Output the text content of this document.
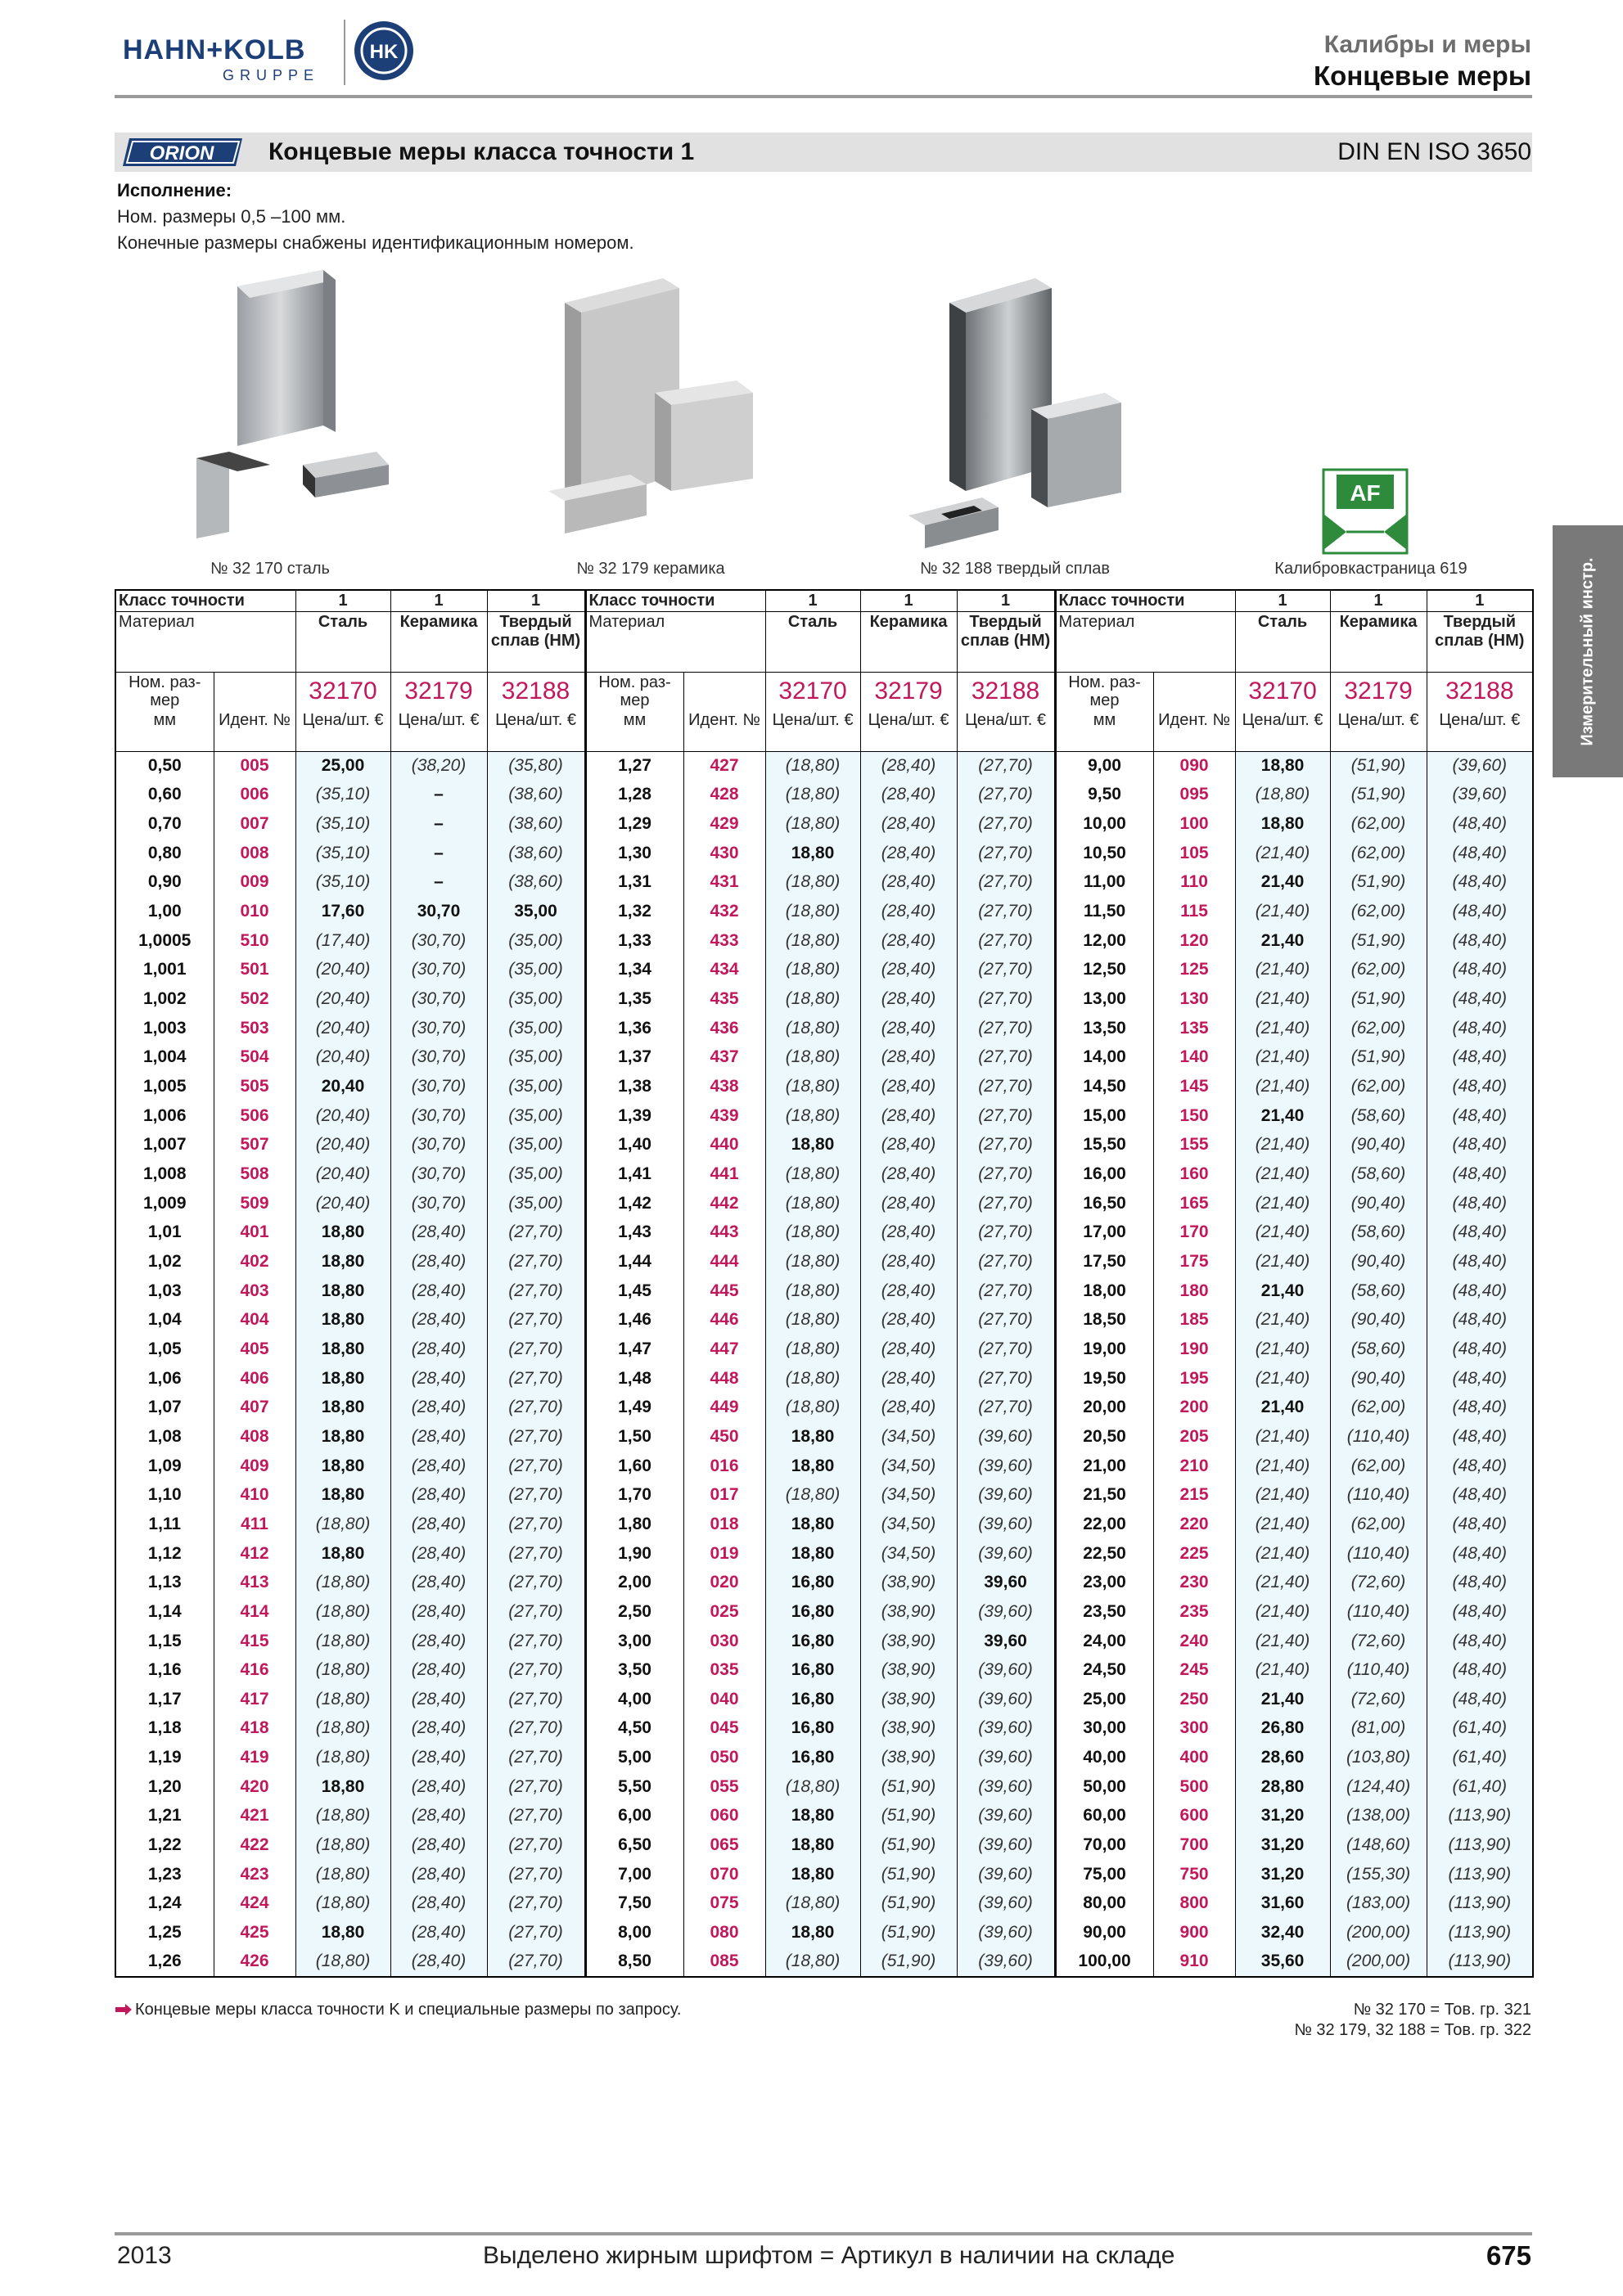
HAHN+KOLB
GRUPPE
HK	Калибры и меры
Концевые меры
ORION Концевые меры класса точности 1	DIN EN ISO 3650
Исполнение:
Ном. размеры 0,5 –100 мм.
Конечные размеры снабжены идентификационным номером.
AF
№ 32 170 сталь	№ 32 179 керамика	№ 32 188 твердый сплав	Калибровкастраница 619	Измерительный инстр.
Класс точности		1	1	1	Класс точности		1	1	1	Класс точности		1	1	1
Материал		Сталь	Керамика	Твердый сплав (HM)	Материал		Сталь	Керамика	Твердый сплав (HM)	Материал		Сталь	Керамика	Твердый сплав (HM)
Ном. раз- мер		32170	32179	32188	Ном. раз- мер		32170	32179	32188	Ном. раз- мер		32170	32179	32188
мм	Идент. №	Цена/шт. €	Цена/шт. €	Цена/шт. €	мм	Идент. №	Цена/шт. €	Цена/шт. €	Цена/шт. €	мм	Идент. №	Цена/шт. €	Цена/шт. €	Цена/шт. €
0,50	005	25,00	(38,20)	(35,80)	1,27	427	(18,80)	(28,40)	(27,70)	9,00	090	18,80	(51,90)	(39,60)
0,60	006	(35,10)	–	(38,60)	1,28	428	(18,80)	(28,40)	(27,70)	9,50	095	(18,80)	(51,90)	(39,60)
0,70	007	(35,10)	–	(38,60)	1,29	429	(18,80)	(28,40)	(27,70)	10,00	100	18,80	(62,00)	(48,40)
0,80	008	(35,10)	–	(38,60)	1,30	430	18,80	(28,40)	(27,70)	10,50	105	(21,40)	(62,00)	(48,40)
0,90	009	(35,10)	–	(38,60)	1,31	431	(18,80)	(28,40)	(27,70)	11,00	110	21,40	(51,90)	(48,40)
1,00	010	17,60	30,70	35,00	1,32	432	(18,80)	(28,40)	(27,70)	11,50	115	(21,40)	(62,00)	(48,40)
1,0005	510	(17,40)	(30,70)	(35,00)	1,33	433	(18,80)	(28,40)	(27,70)	12,00	120	21,40	(51,90)	(48,40)
1,001	501	(20,40)	(30,70)	(35,00)	1,34	434	(18,80)	(28,40)	(27,70)	12,50	125	(21,40)	(62,00)	(48,40)
1,002	502	(20,40)	(30,70)	(35,00)	1,35	435	(18,80)	(28,40)	(27,70)	13,00	130	(21,40)	(51,90)	(48,40)
1,003	503	(20,40)	(30,70)	(35,00)	1,36	436	(18,80)	(28,40)	(27,70)	13,50	135	(21,40)	(62,00)	(48,40)
1,004	504	(20,40)	(30,70)	(35,00)	1,37	437	(18,80)	(28,40)	(27,70)	14,00	140	(21,40)	(51,90)	(48,40)
1,005	505	20,40	(30,70)	(35,00)	1,38	438	(18,80)	(28,40)	(27,70)	14,50	145	(21,40)	(62,00)	(48,40)
1,006	506	(20,40)	(30,70)	(35,00)	1,39	439	(18,80)	(28,40)	(27,70)	15,00	150	21,40	(58,60)	(48,40)
1,007	507	(20,40)	(30,70)	(35,00)	1,40	440	18,80	(28,40)	(27,70)	15,50	155	(21,40)	(90,40)	(48,40)
1,008	508	(20,40)	(30,70)	(35,00)	1,41	441	(18,80)	(28,40)	(27,70)	16,00	160	(21,40)	(58,60)	(48,40)
1,009	509	(20,40)	(30,70)	(35,00)	1,42	442	(18,80)	(28,40)	(27,70)	16,50	165	(21,40)	(90,40)	(48,40)
1,01	401	18,80	(28,40)	(27,70)	1,43	443	(18,80)	(28,40)	(27,70)	17,00	170	(21,40)	(58,60)	(48,40)
1,02	402	18,80	(28,40)	(27,70)	1,44	444	(18,80)	(28,40)	(27,70)	17,50	175	(21,40)	(90,40)	(48,40)
1,03	403	18,80	(28,40)	(27,70)	1,45	445	(18,80)	(28,40)	(27,70)	18,00	180	21,40	(58,60)	(48,40)
1,04	404	18,80	(28,40)	(27,70)	1,46	446	(18,80)	(28,40)	(27,70)	18,50	185	(21,40)	(90,40)	(48,40)
1,05	405	18,80	(28,40)	(27,70)	1,47	447	(18,80)	(28,40)	(27,70)	19,00	190	(21,40)	(58,60)	(48,40)
1,06	406	18,80	(28,40)	(27,70)	1,48	448	(18,80)	(28,40)	(27,70)	19,50	195	(21,40)	(90,40)	(48,40)
1,07	407	18,80	(28,40)	(27,70)	1,49	449	(18,80)	(28,40)	(27,70)	20,00	200	21,40	(62,00)	(48,40)
1,08	408	18,80	(28,40)	(27,70)	1,50	450	18,80	(34,50)	(39,60)	20,50	205	(21,40)	(110,40)	(48,40)
1,09	409	18,80	(28,40)	(27,70)	1,60	016	18,80	(34,50)	(39,60)	21,00	210	(21,40)	(62,00)	(48,40)
1,10	410	18,80	(28,40)	(27,70)	1,70	017	(18,80)	(34,50)	(39,60)	21,50	215	(21,40)	(110,40)	(48,40)
1,11	411	(18,80)	(28,40)	(27,70)	1,80	018	18,80	(34,50)	(39,60)	22,00	220	(21,40)	(62,00)	(48,40)
1,12	412	18,80	(28,40)	(27,70)	1,90	019	18,80	(34,50)	(39,60)	22,50	225	(21,40)	(110,40)	(48,40)
1,13	413	(18,80)	(28,40)	(27,70)	2,00	020	16,80	(38,90)	39,60	23,00	230	(21,40)	(72,60)	(48,40)
1,14	414	(18,80)	(28,40)	(27,70)	2,50	025	16,80	(38,90)	(39,60)	23,50	235	(21,40)	(110,40)	(48,40)
1,15	415	(18,80)	(28,40)	(27,70)	3,00	030	16,80	(38,90)	39,60	24,00	240	(21,40)	(72,60)	(48,40)
1,16	416	(18,80)	(28,40)	(27,70)	3,50	035	16,80	(38,90)	(39,60)	24,50	245	(21,40)	(110,40)	(48,40)
1,17	417	(18,80)	(28,40)	(27,70)	4,00	040	16,80	(38,90)	(39,60)	25,00	250	21,40	(72,60)	(48,40)
1,18	418	(18,80)	(28,40)	(27,70)	4,50	045	16,80	(38,90)	(39,60)	30,00	300	26,80	(81,00)	(61,40)
1,19	419	(18,80)	(28,40)	(27,70)	5,00	050	16,80	(38,90)	(39,60)	40,00	400	28,60	(103,80)	(61,40)
1,20	420	18,80	(28,40)	(27,70)	5,50	055	(18,80)	(51,90)	(39,60)	50,00	500	28,80	(124,40)	(61,40)
1,21	421	(18,80)	(28,40)	(27,70)	6,00	060	18,80	(51,90)	(39,60)	60,00	600	31,20	(138,00)	(113,90)
1,22	422	(18,80)	(28,40)	(27,70)	6,50	065	18,80	(51,90)	(39,60)	70,00	700	31,20	(148,60)	(113,90)
1,23	423	(18,80)	(28,40)	(27,70)	7,00	070	18,80	(51,90)	(39,60)	75,00	750	31,20	(155,30)	(113,90)
1,24	424	(18,80)	(28,40)	(27,70)	7,50	075	(18,80)	(51,90)	(39,60)	80,00	800	31,60	(183,00)	(113,90)
1,25	425	18,80	(28,40)	(27,70)	8,00	080	18,80	(51,90)	(39,60)	90,00	900	32,40	(200,00)	(113,90)
1,26	426	(18,80)	(28,40)	(27,70)	8,50	085	(18,80)	(51,90)	(39,60)	100,00	910	35,60	(200,00)	(113,90)
Концевые меры класса точности K и специальные размеры по запросу.	№ 32 170 = Тов. гр. 321
№ 32 179, 32 188 = Тов. гр. 322
2013	Выделено жирным шрифтом = Артикул в наличии на складе	675
